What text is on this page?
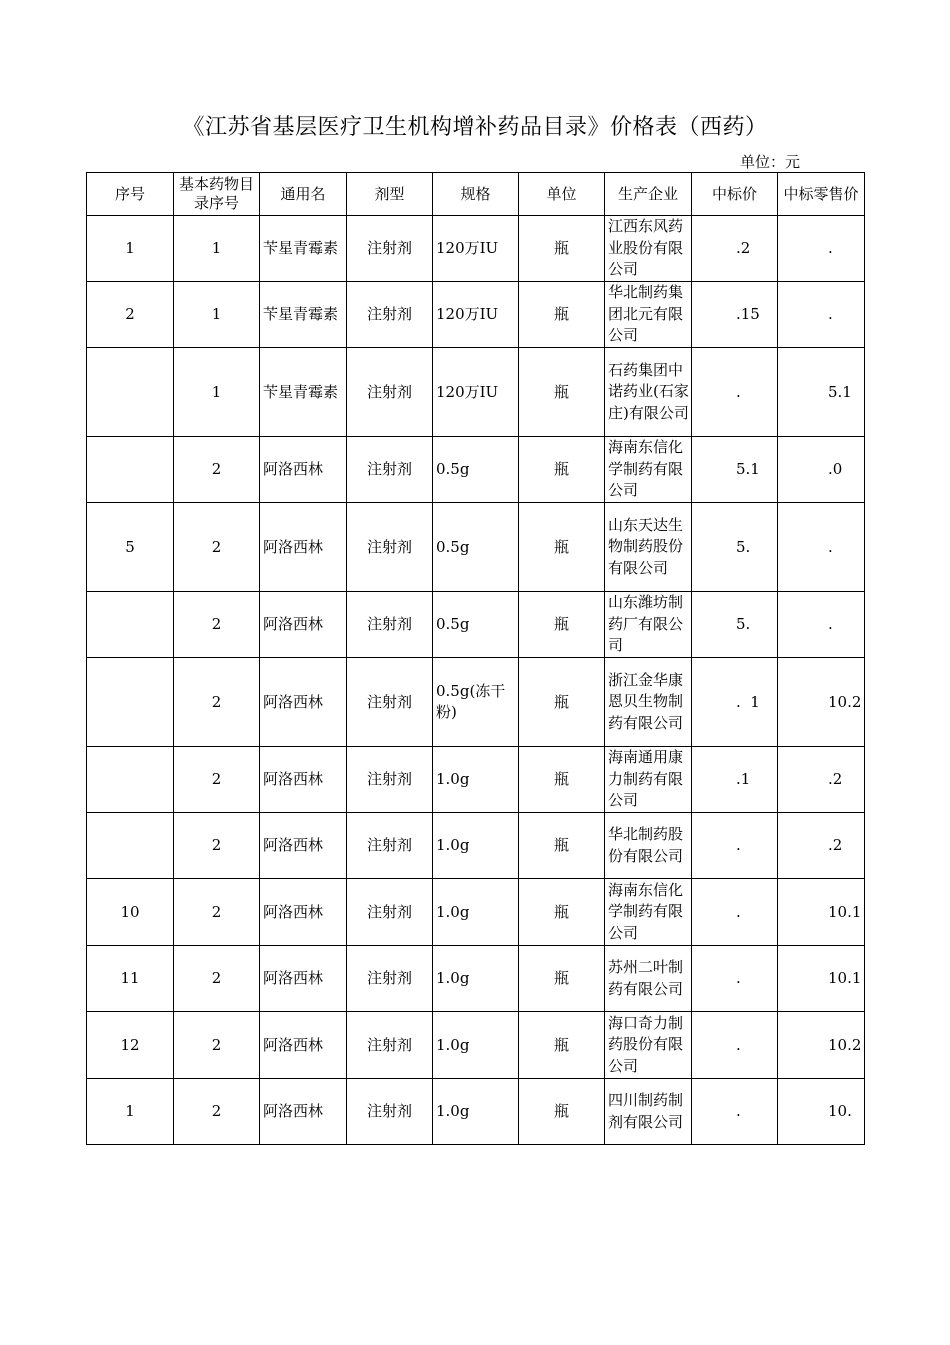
《江苏省基层医疗卫生机构增补药品目录》价格表（西药）
单位：元
序号	基本药物目录序号	通用名	剂型	规格	单位	生产企业	中标价	中标零售价
1	1	苄星青霉素	注射剂	120万IU	瓶	江西东风药业股份有限公司	.2	.
2	1	苄星青霉素	注射剂	120万IU	瓶	华北制药集团北元有限公司	.15	.
	1	苄星青霉素	注射剂	120万IU	瓶	石药集团中诺药业(石家庄)有限公司	.	5.1
	2	阿洛西林	注射剂	0.5g	瓶	海南东信化学制药有限公司	5.1	.0
5	2	阿洛西林	注射剂	0.5g	瓶	山东天达生物制药股份有限公司	5.	.
	2	阿洛西林	注射剂	0.5g	瓶	山东潍坊制药厂有限公司	5.	.
	2	阿洛西林	注射剂	0.5g(冻干粉)	瓶	浙江金华康恩贝生物制药有限公司	.  1	10.2
	2	阿洛西林	注射剂	1.0g	瓶	海南通用康力制药有限公司	.1	.2
	2	阿洛西林	注射剂	1.0g	瓶	华北制药股份有限公司	.	.2
10	2	阿洛西林	注射剂	1.0g	瓶	海南东信化学制药有限公司	.	10.1
11	2	阿洛西林	注射剂	1.0g	瓶	苏州二叶制药有限公司	.	10.1
12	2	阿洛西林	注射剂	1.0g	瓶	海口奇力制药股份有限公司	.	10.2
1	2	阿洛西林	注射剂	1.0g	瓶	四川制药制剂有限公司	.	10.
